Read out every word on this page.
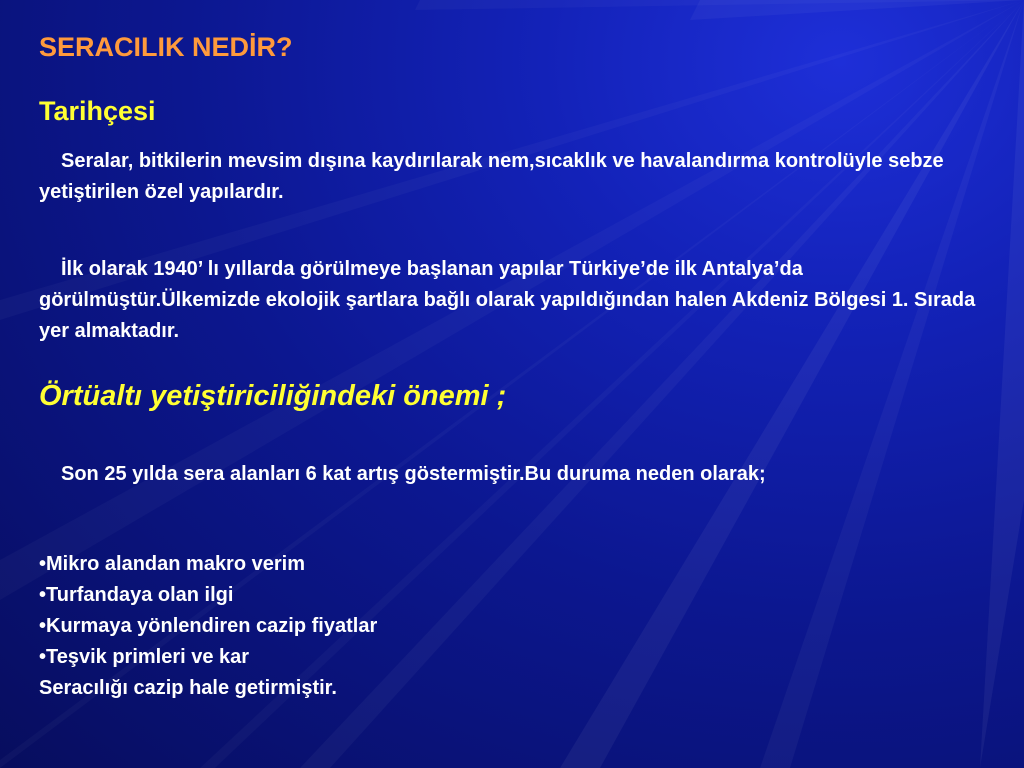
SERACILIK NEDİR?
Tarihçesi

Seralar, bitkilerin mevsim dışına kaydırılarak nem,sıcaklık ve havalandırma kontrolüyle sebze yetiştirilen özel yapılardır.

İlk olarak 1940’ lı yıllarda görülmeye başlanan yapılar Türkiye’de ilk Antalya’da görülmüştür.Ülkemizde ekolojik şartlara bağlı olarak yapıldığından halen Akdeniz Bölgesi 1. Sırada yer almaktadır.

Örtüaltı yetiştiriciliğindeki önemi ;

Son 25 yılda sera alanları 6 kat artış göstermiştir.Bu duruma neden olarak;

•Mikro alandan makro verim
•Turfandaya olan ilgi
•Kurmaya yönlendiren cazip fiyatlar
•Teşvik primleri ve kar

Seracılığı cazip hale getirmiştir.
